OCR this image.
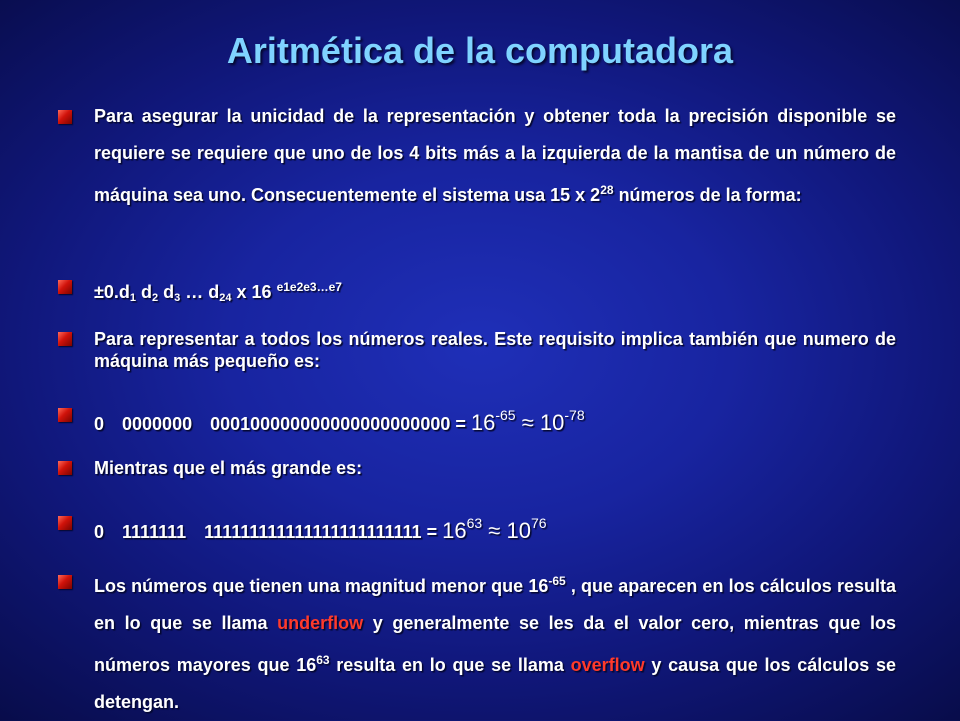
Aritmética de la computadora
Para asegurar la unicidad de la representación y obtener toda la precisión disponible se requiere se requiere que uno de los 4 bits más a la izquierda de la mantisa de un número de máquina sea uno. Consecuentemente el sistema usa 15 x $2^{28}$ números de la forma:
$\pm 0.d_1$ $d_2$ $d_3$ … $d_{24}$ x 16 $^{e1e2e3\dots e7}$
Para representar a todos los números reales. Este requisito implica también que numero de máquina más pequeño es:
0 0000000 $000100000000000000000000 = 16^{-65} \approx 10^{-78}$
Mientras que el más grande es:
0 1111111 $111111111111111111111111 = 16^{63} \approx 10^{76}$
Los números que tienen una magnitud menor que $16^{-65}$ , que aparecen en los cálculos resulta en lo que se llama underflow y generalmente se les da el valor cero, mientras que los números mayores que $16^{63}$ resulta en lo que se llama overflow y causa que los cálculos se detengan.
